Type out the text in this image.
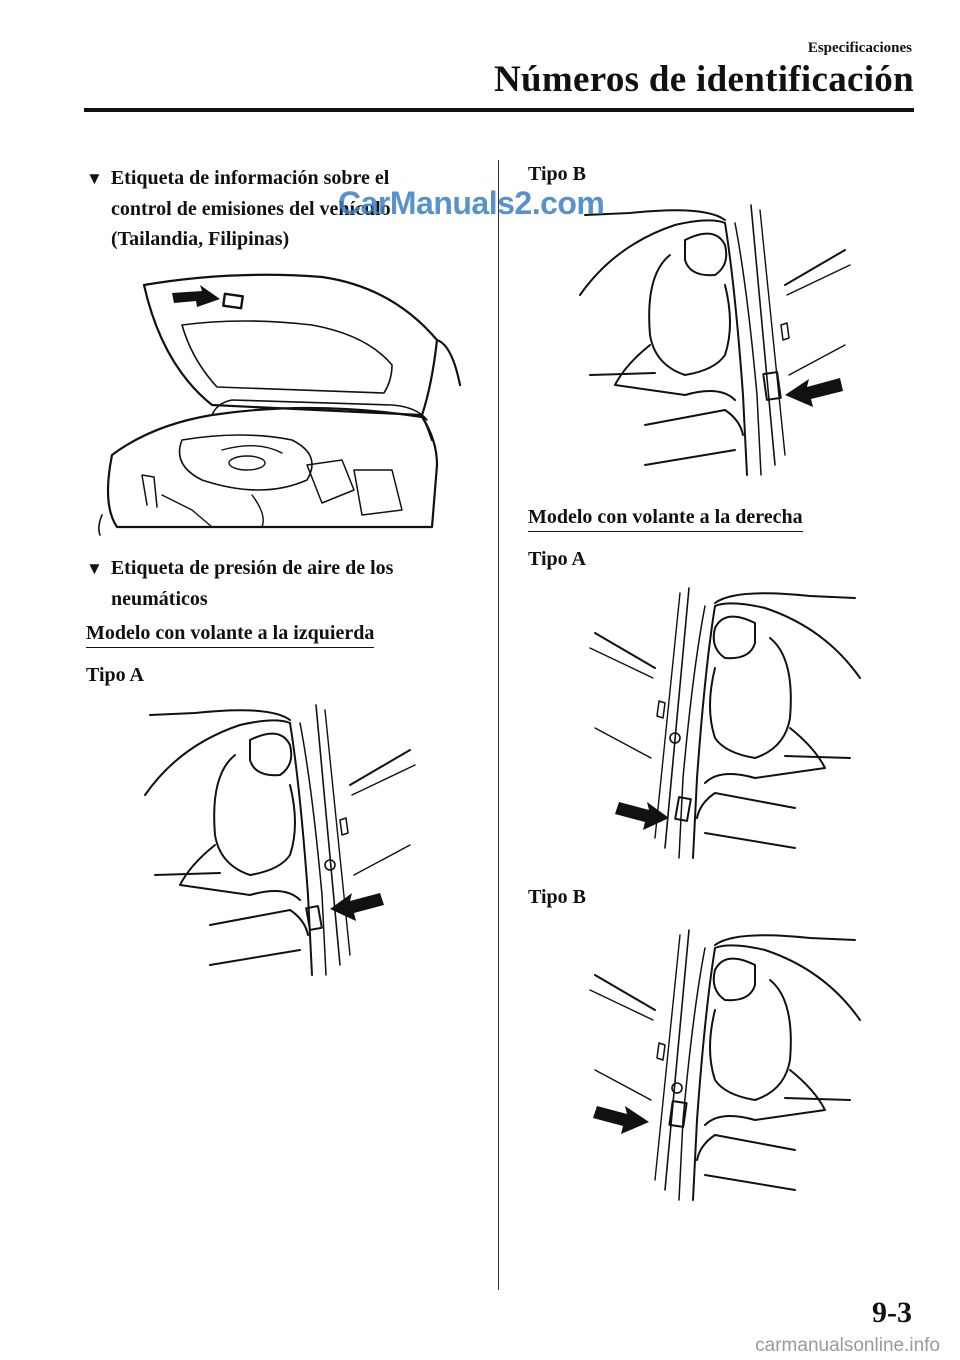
Especificaciones
Números de identificación
▼ Etiqueta de información sobre el
control de emisiones del vehículo
(Tailandia, Filipinas)
▼ Etiqueta de presión de aire de los
neumáticos
Modelo con volante a la izquierda
Tipo A
Tipo B
Modelo con volante a la derecha
Tipo A
Tipo B
CarManuals2.com
9-3
carmanualsonline.info
